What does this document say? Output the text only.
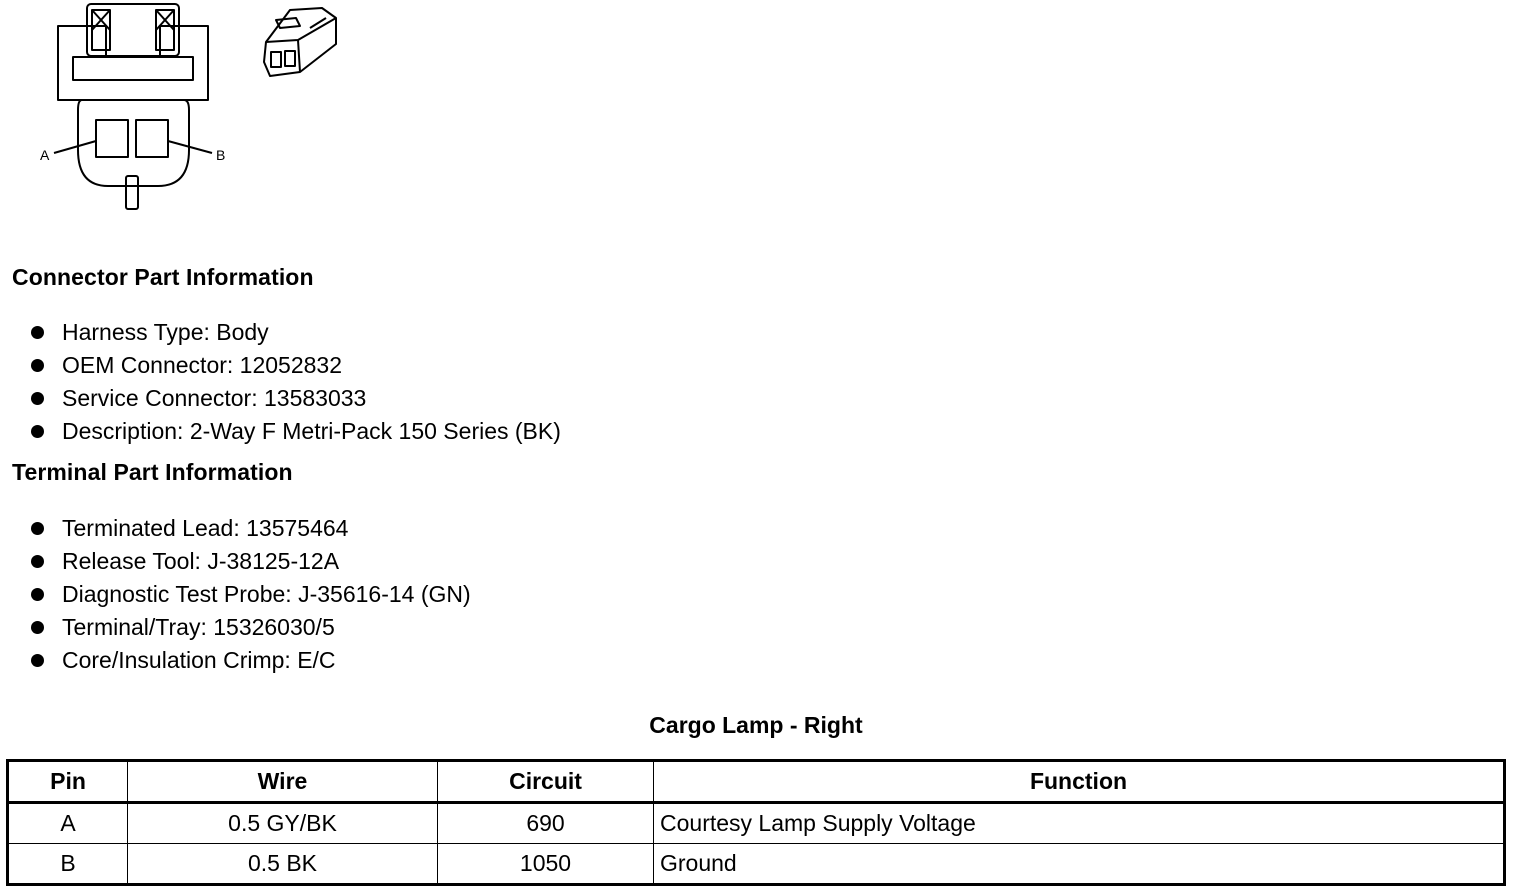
A	B
Connector Part Information
Harness Type: Body
OEM Connector: 12052832
Service Connector: 13583033
Description: 2-Way F Metri-Pack 150 Series (BK)
Terminal Part Information
Terminated Lead: 13575464
Release Tool: J-38125-12A
Diagnostic Test Probe: J-35616-14 (GN)
Terminal/Tray: 15326030/5
Core/Insulation Crimp: E/C
Cargo Lamp - Right
Pin	Wire	Circuit	Function
A	0.5 GY/BK	690	Courtesy Lamp Supply Voltage
B	0.5 BK	1050	Ground
